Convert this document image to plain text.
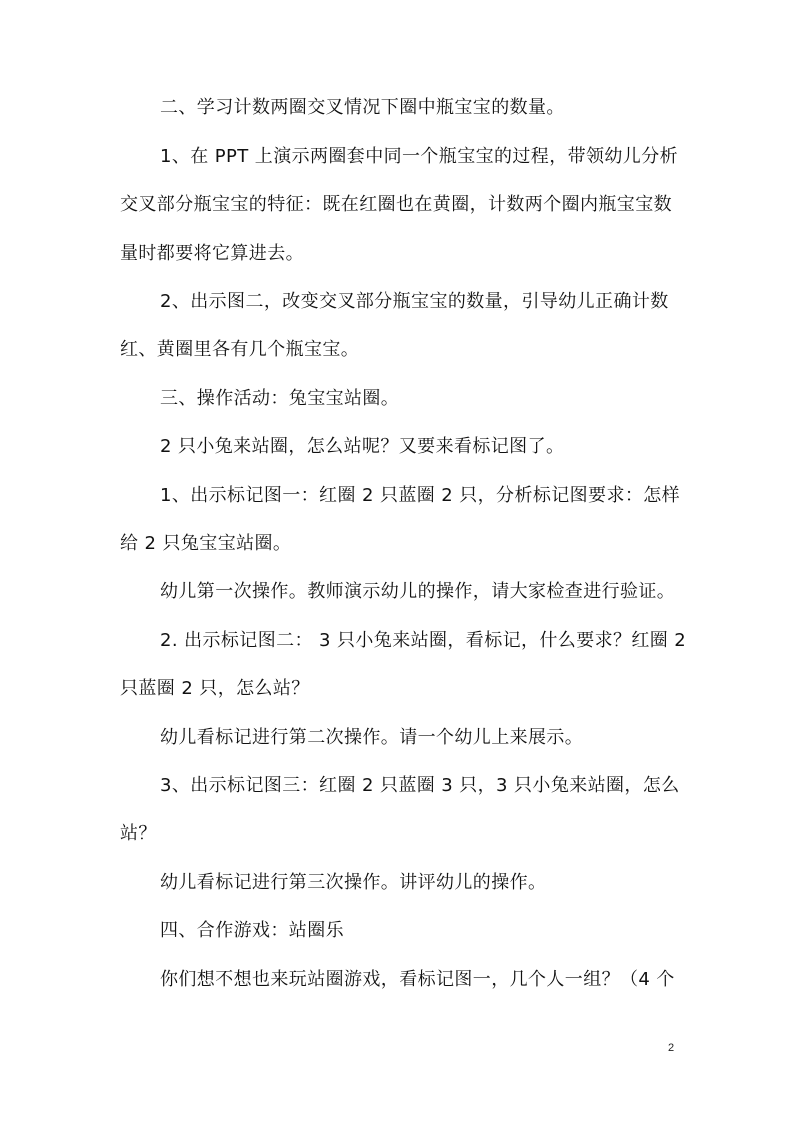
二、学习计数两圈交叉情况下圈中瓶宝宝的数量。
1、在 PPT 上演示两圈套中同一个瓶宝宝的过程，带领幼儿分析
交叉部分瓶宝宝的特征：既在红圈也在黄圈，计数两个圈内瓶宝宝数
量时都要将它算进去。
2、出示图二，改变交叉部分瓶宝宝的数量，引导幼儿正确计数
红、黄圈里各有几个瓶宝宝。
三、操作活动：兔宝宝站圈。
2 只小兔来站圈，怎么站呢？又要来看标记图了。
1、出示标记图一：红圈 2 只蓝圈 2 只，分析标记图要求：怎样
给 2 只兔宝宝站圈。
幼儿第一次操作。教师演示幼儿的操作，请大家检查进行验证。
2. 出示标记图二： 3 只小兔来站圈，看标记，什么要求？红圈 2
只蓝圈 2 只，怎么站？
幼儿看标记进行第二次操作。请一个幼儿上来展示。
3、出示标记图三：红圈 2 只蓝圈 3 只，3 只小兔来站圈，怎么
站？
幼儿看标记进行第三次操作。讲评幼儿的操作。
四、合作游戏：站圈乐
你们想不想也来玩站圈游戏，看标记图一，几个人一组？（4 个
2
